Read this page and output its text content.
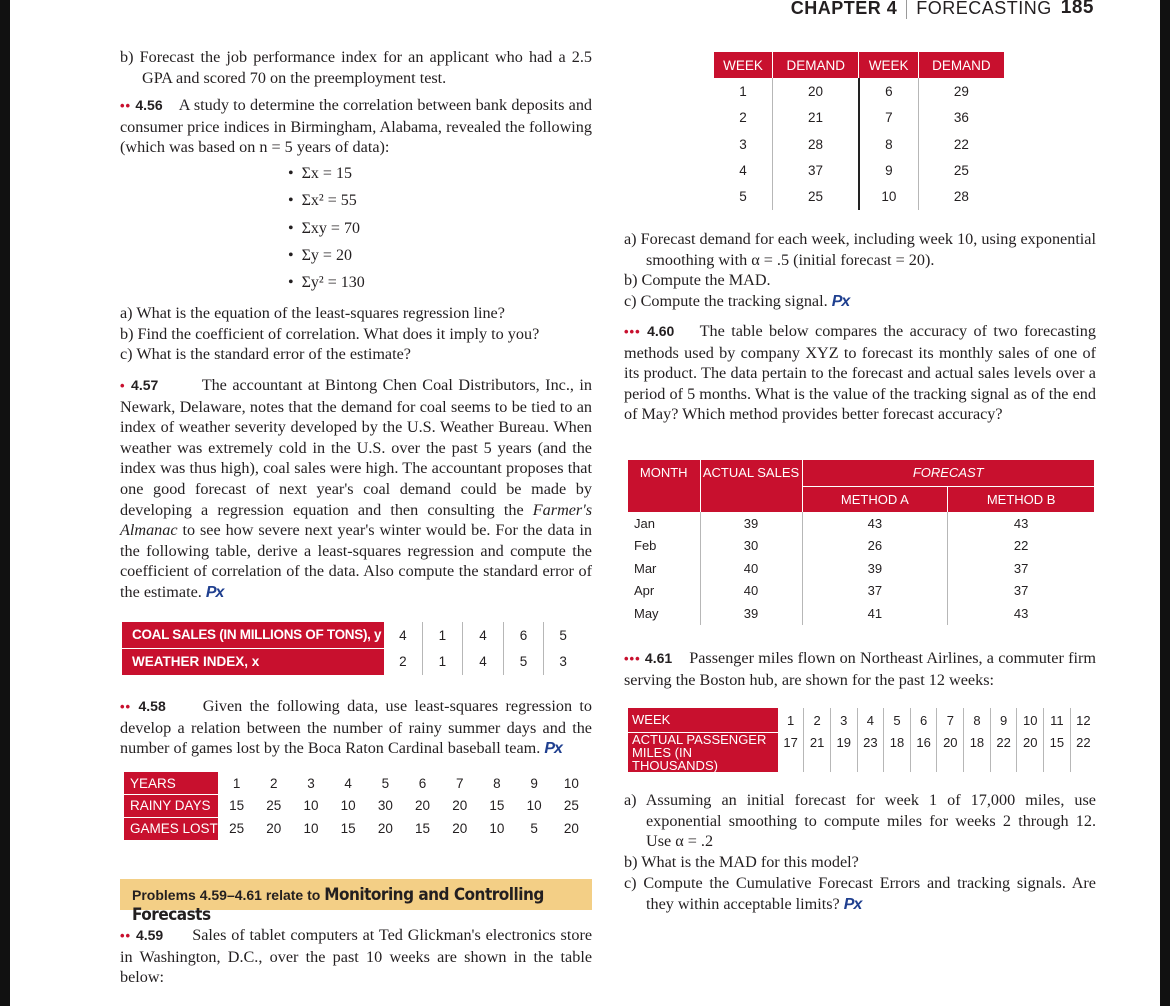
CHAPTER 4 FORECASTING 185
b) Forecast the job performance index for an applicant who had a 2.5 GPA and scored 70 on the preemployment test.
•• 4.56 A study to determine the correlation between bank deposits and consumer price indices in Birmingham, Alabama, revealed the following (which was based on n = 5 years of data):
•  Σx = 15
•  Σx² = 55
•  Σxy = 70
•  Σy = 20
•  Σy² = 130
a) What is the equation of the least-squares regression line?
b) Find the coefficient of correlation. What does it imply to you?
c) What is the standard error of the estimate?
• 4.57	The accountant at Bintong Chen Coal Distributors, Inc., in Newark, Delaware, notes that the demand for coal seems to be tied to an index of weather severity developed by the U.S. Weather Bureau. When weather was extremely cold in the U.S. over the past 5 years (and the index was thus high), coal sales were high. The accountant proposes that one good forecast of next year's coal demand could be made by developing a regression equation and then consulting the Farmer's Almanac to see how severe next year's winter would be. For the data in the following table, derive a least-squares regression and compute the coefficient of correlation of the data. Also compute the standard error of the estimate. Px
COAL SALES (IN MILLIONS OF TONS), y	4	1	4	6	5
WEATHER INDEX, x	2	1	4	5	3
•• 4.58 Given the following data, use least-squares regression to develop a relation between the number of rainy summer days and the number of games lost by the Boca Raton Cardinal baseball team. Px
YEARS	1	2	3	4	5	6	7	8	9	10
RAINY DAYS	15	25	10	10	30	20	20	15	10	25
GAMES LOST	25	20	10	15	20	15	20	10	5	20
Problems 4.59–4.61 relate to Monitoring and Controlling Forecasts
•• 4.59 Sales of tablet computers at Ted Glickman's electronics store in Washington, D.C., over the past 10 weeks are shown in the table below:
WEEK	DEMAND	WEEK	DEMAND
1	20	6	29
2	21	7	36
3	28	8	22
4	37	9	25
5	25	10	28
a) Forecast demand for each week, including week 10, using exponential smoothing with α = .5 (initial forecast = 20).
b) Compute the MAD.
c) Compute the tracking signal. Px
••• 4.60 The table below compares the accuracy of two forecasting methods used by company XYZ to forecast its monthly sales of one of its product. The data pertain to the forecast and actual sales levels over a period of 5 months. What is the value of the tracking signal as of the end of May? Which method provides better forecast accuracy?
MONTH	ACTUAL SALES	FORECAST	
		METHOD A	METHOD B
Jan	39	43	43
Feb	30	26	22
Mar	40	39	37
Apr	40	37	37
May	39	41	43
••• 4.61 Passenger miles flown on Northeast Airlines, a commuter firm serving the Boston hub, are shown for the past 12 weeks:
WEEK	1	2	3	4	5	6	7	8	9	10	11	12

ACTUAL PASSENGER
MILES (IN THOUSANDS)	17	21	19	23	18	16	20	18	22	20	15	22
a) Assuming an initial forecast for week 1 of 17,000 miles, use exponential smoothing to compute miles for weeks 2 through 12. Use α = .2
b) What is the MAD for this model?
c) Compute the Cumulative Forecast Errors and tracking signals. Are they within acceptable limits? Px
